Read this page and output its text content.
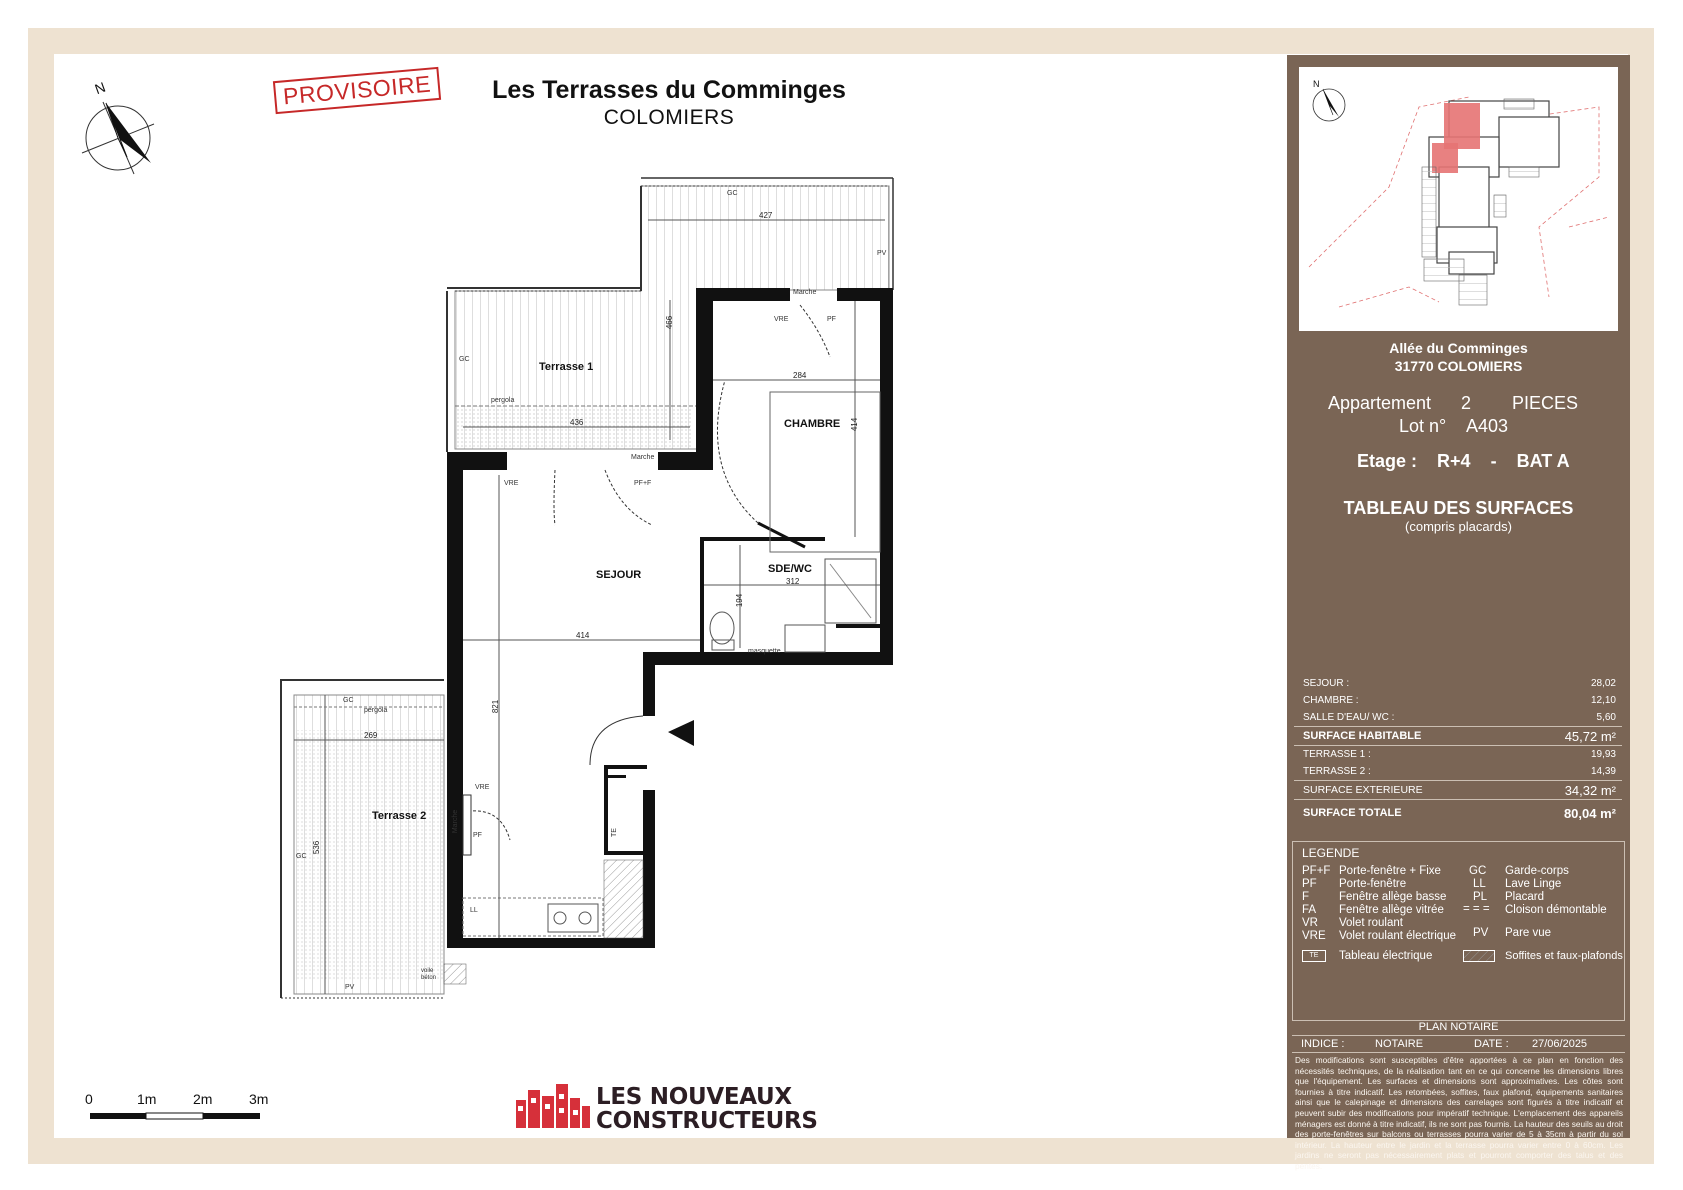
PROVISOIRE	Les Terrasses du Comminges
COLOMIERS
N
Terrasse 1
CHAMBRE
SEJOUR	SDE/WC
Terrasse 2
427
466
436
284
414
312
194
414
821
269
536
GC
GC
GC
GC
PV
PV
Marche
Marche
Marche
VRE	PF
VRE	PF+F
VRE
PF
pergola
pergola
masquette
TE
LL
voile béton
0	1m	2m	3m	LES NOUVEAUX
CONSTRUCTEURS
N
Allée du Comminges
31770 COLOMIERS
Appartement 2 PIECES
Lot n° A403
Etage : R+4 - BAT A
TABLEAU DES SURFACES
(compris placards)
SEJOUR :	28,02
CHAMBRE :	12,10
SALLE D'EAU/ WC :	5,60
SURFACE HABITABLE	45,72 m²
TERRASSE 1 :	19,93
TERRASSE 2 :	14,39
SURFACE EXTERIEURE	34,32 m²
SURFACE TOTALE	80,04 m²
LEGENDE
PF+F Porte-fenêtre + Fixe
PF Porte-fenêtre
F	Fenêtre allège basse
FA Fenêtre allège vitrée
VR Volet roulant
VRE Volet roulant électrique
GC Garde-corps
LL Lave Linge
PL Placard
= = = Cloison démontable
PV Pare vue
TE	Tableau électrique	Soffites et faux-plafonds
PLAN NOTAIRE
INDICE :	NOTAIRE	DATE :	27/06/2025
Des modifications sont susceptibles d'être apportées à ce plan en fonction des nécessités techniques, de la réalisation tant en ce qui concerne les dimensions libres que l'équipement. Les surfaces et dimensions sont approximatives. Les côtes sont fournies à titre indicatif. Les retombées, soffites, faux plafond, équipements sanitaires ainsi que le calepinage et dimensions des carrelages sont figurés à titre indicatif et peuvent subir des modifications pour impératif technique. L'emplacement des appareils ménagers est donné à titre indicatif, ils ne sont pas fournis. La hauteur des seuils au droit des porte-fenêtres sur balcons ou terrasses pourra varier de 5 à 35cm à partir du sol intérieur. La hauteur entre le jardin et la terrasse pourra varier entre 0 à 60cm. Les jardins ne seront pas nécessairement plats et pourront comporter des talus et des pentes.
